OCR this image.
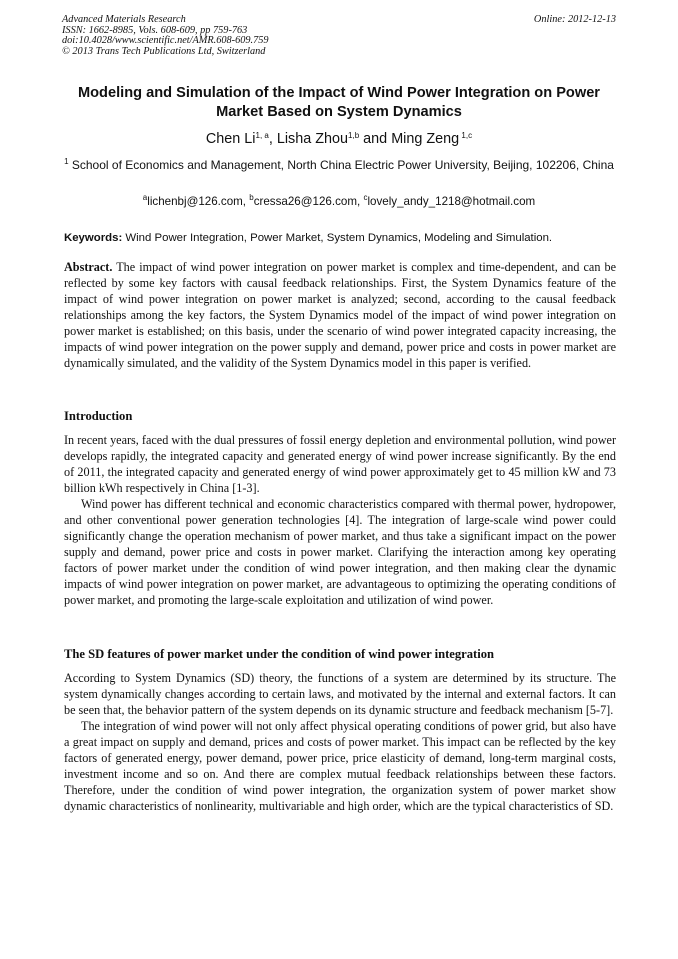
Advanced Materials Research
ISSN: 1662-8985, Vols. 608-609, pp 759-763
doi:10.4028/www.scientific.net/AMR.608-609.759
© 2013 Trans Tech Publications Ltd, Switzerland
Online: 2012-12-13
Modeling and Simulation of the Impact of Wind Power Integration on Power Market Based on System Dynamics
Chen Li$^{1, a}$, Lisha Zhou$^{1,b}$ and Ming Zeng $^{1,c}$
$^1$ School of Economics and Management, North China Electric Power University, Beijing, 102206, China
$^a$lichenbj@126.com, $^b$cressa26@126.com, $^c$lovely_andy_1218@hotmail.com
Keywords: Wind Power Integration, Power Market, System Dynamics, Modeling and Simulation.
Abstract. The impact of wind power integration on power market is complex and time-dependent, and can be reflected by some key factors with causal feedback relationships. First, the System Dynamics feature of the impact of wind power integration on power market is analyzed; second, according to the causal feedback relationships among the key factors, the System Dynamics model of the impact of wind power integration on power market is established; on this basis, under the scenario of wind power integrated capacity increasing, the impacts of wind power integration on the power supply and demand, power price and costs in power market are dynamically simulated, and the validity of the System Dynamics model in this paper is verified.
Introduction

In recent years, faced with the dual pressures of fossil energy depletion and environmental pollution, wind power develops rapidly, the integrated capacity and generated energy of wind power increase significantly. By the end of 2011, the integrated capacity and generated energy of wind power approximately get to 45 million kW and 73 billion kWh respectively in China [1-3].

Wind power has different technical and economic characteristics compared with thermal power, hydropower, and other conventional power generation technologies [4]. The integration of large-scale wind power could significantly change the operation mechanism of power market, and thus take a significant impact on the power supply and demand, power price and costs in power market. Clarifying the interaction among key operating factors of power market under the condition of wind power integration, and then making clear the dynamic impacts of wind power integration on power market, are advantageous to optimizing the operating conditions of power market, and promoting the large-scale exploitation and utilization of wind power.

The SD features of power market under the condition of wind power integration

According to System Dynamics (SD) theory, the functions of a system are determined by its structure. The system dynamically changes according to certain laws, and motivated by the internal and external factors. It can be seen that, the behavior pattern of the system depends on its dynamic structure and feedback mechanism [5-7].

The integration of wind power will not only affect physical operating conditions of power grid, but also have a great impact on supply and demand, prices and costs of power market. This impact can be reflected by the key factors of generated energy, power demand, power price, price elasticity of demand, long-term marginal costs, investment income and so on. And there are complex mutual feedback relationships between these factors. Therefore, under the condition of wind power integration, the organization system of power market show dynamic characteristics of nonlinearity, multivariable and high order, which are the typical characteristics of SD.
